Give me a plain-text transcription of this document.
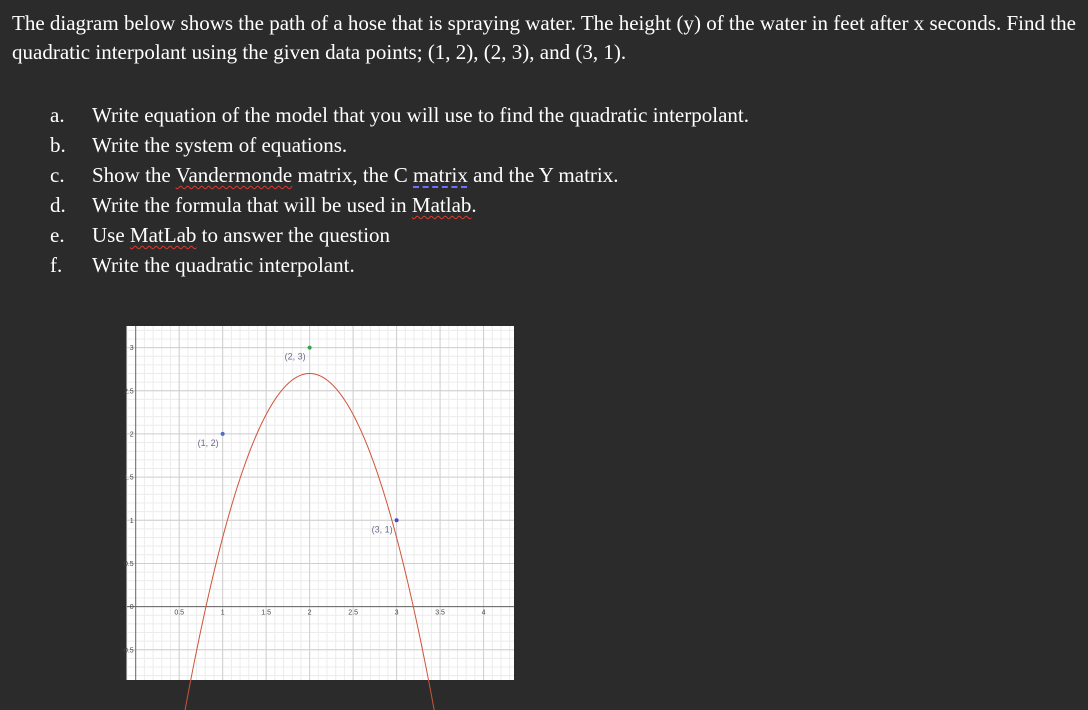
The diagram below shows the path of a hose that is spraying water. The height (y) of the water in feet after x seconds. Find the quadratic interpolant using the given data points; (1, 2), (2, 3), and (3, 1).

a.	Write equation of the model that you will use to find the quadratic interpolant.
b.	Write the system of equations.
c.	Show the Vandermonde matrix, the C matrix and the Y matrix.
d.	Write the formula that will be used in Matlab.
e.	Use MatLab to answer the question
f.	Write the quadratic interpolant.
0.5	1	1.5	2	2.5	3	3.5	4
-0.5
0
0.5
1
1.5
2
2.5
3
(1, 2)
(2, 3)
(3, 1)
